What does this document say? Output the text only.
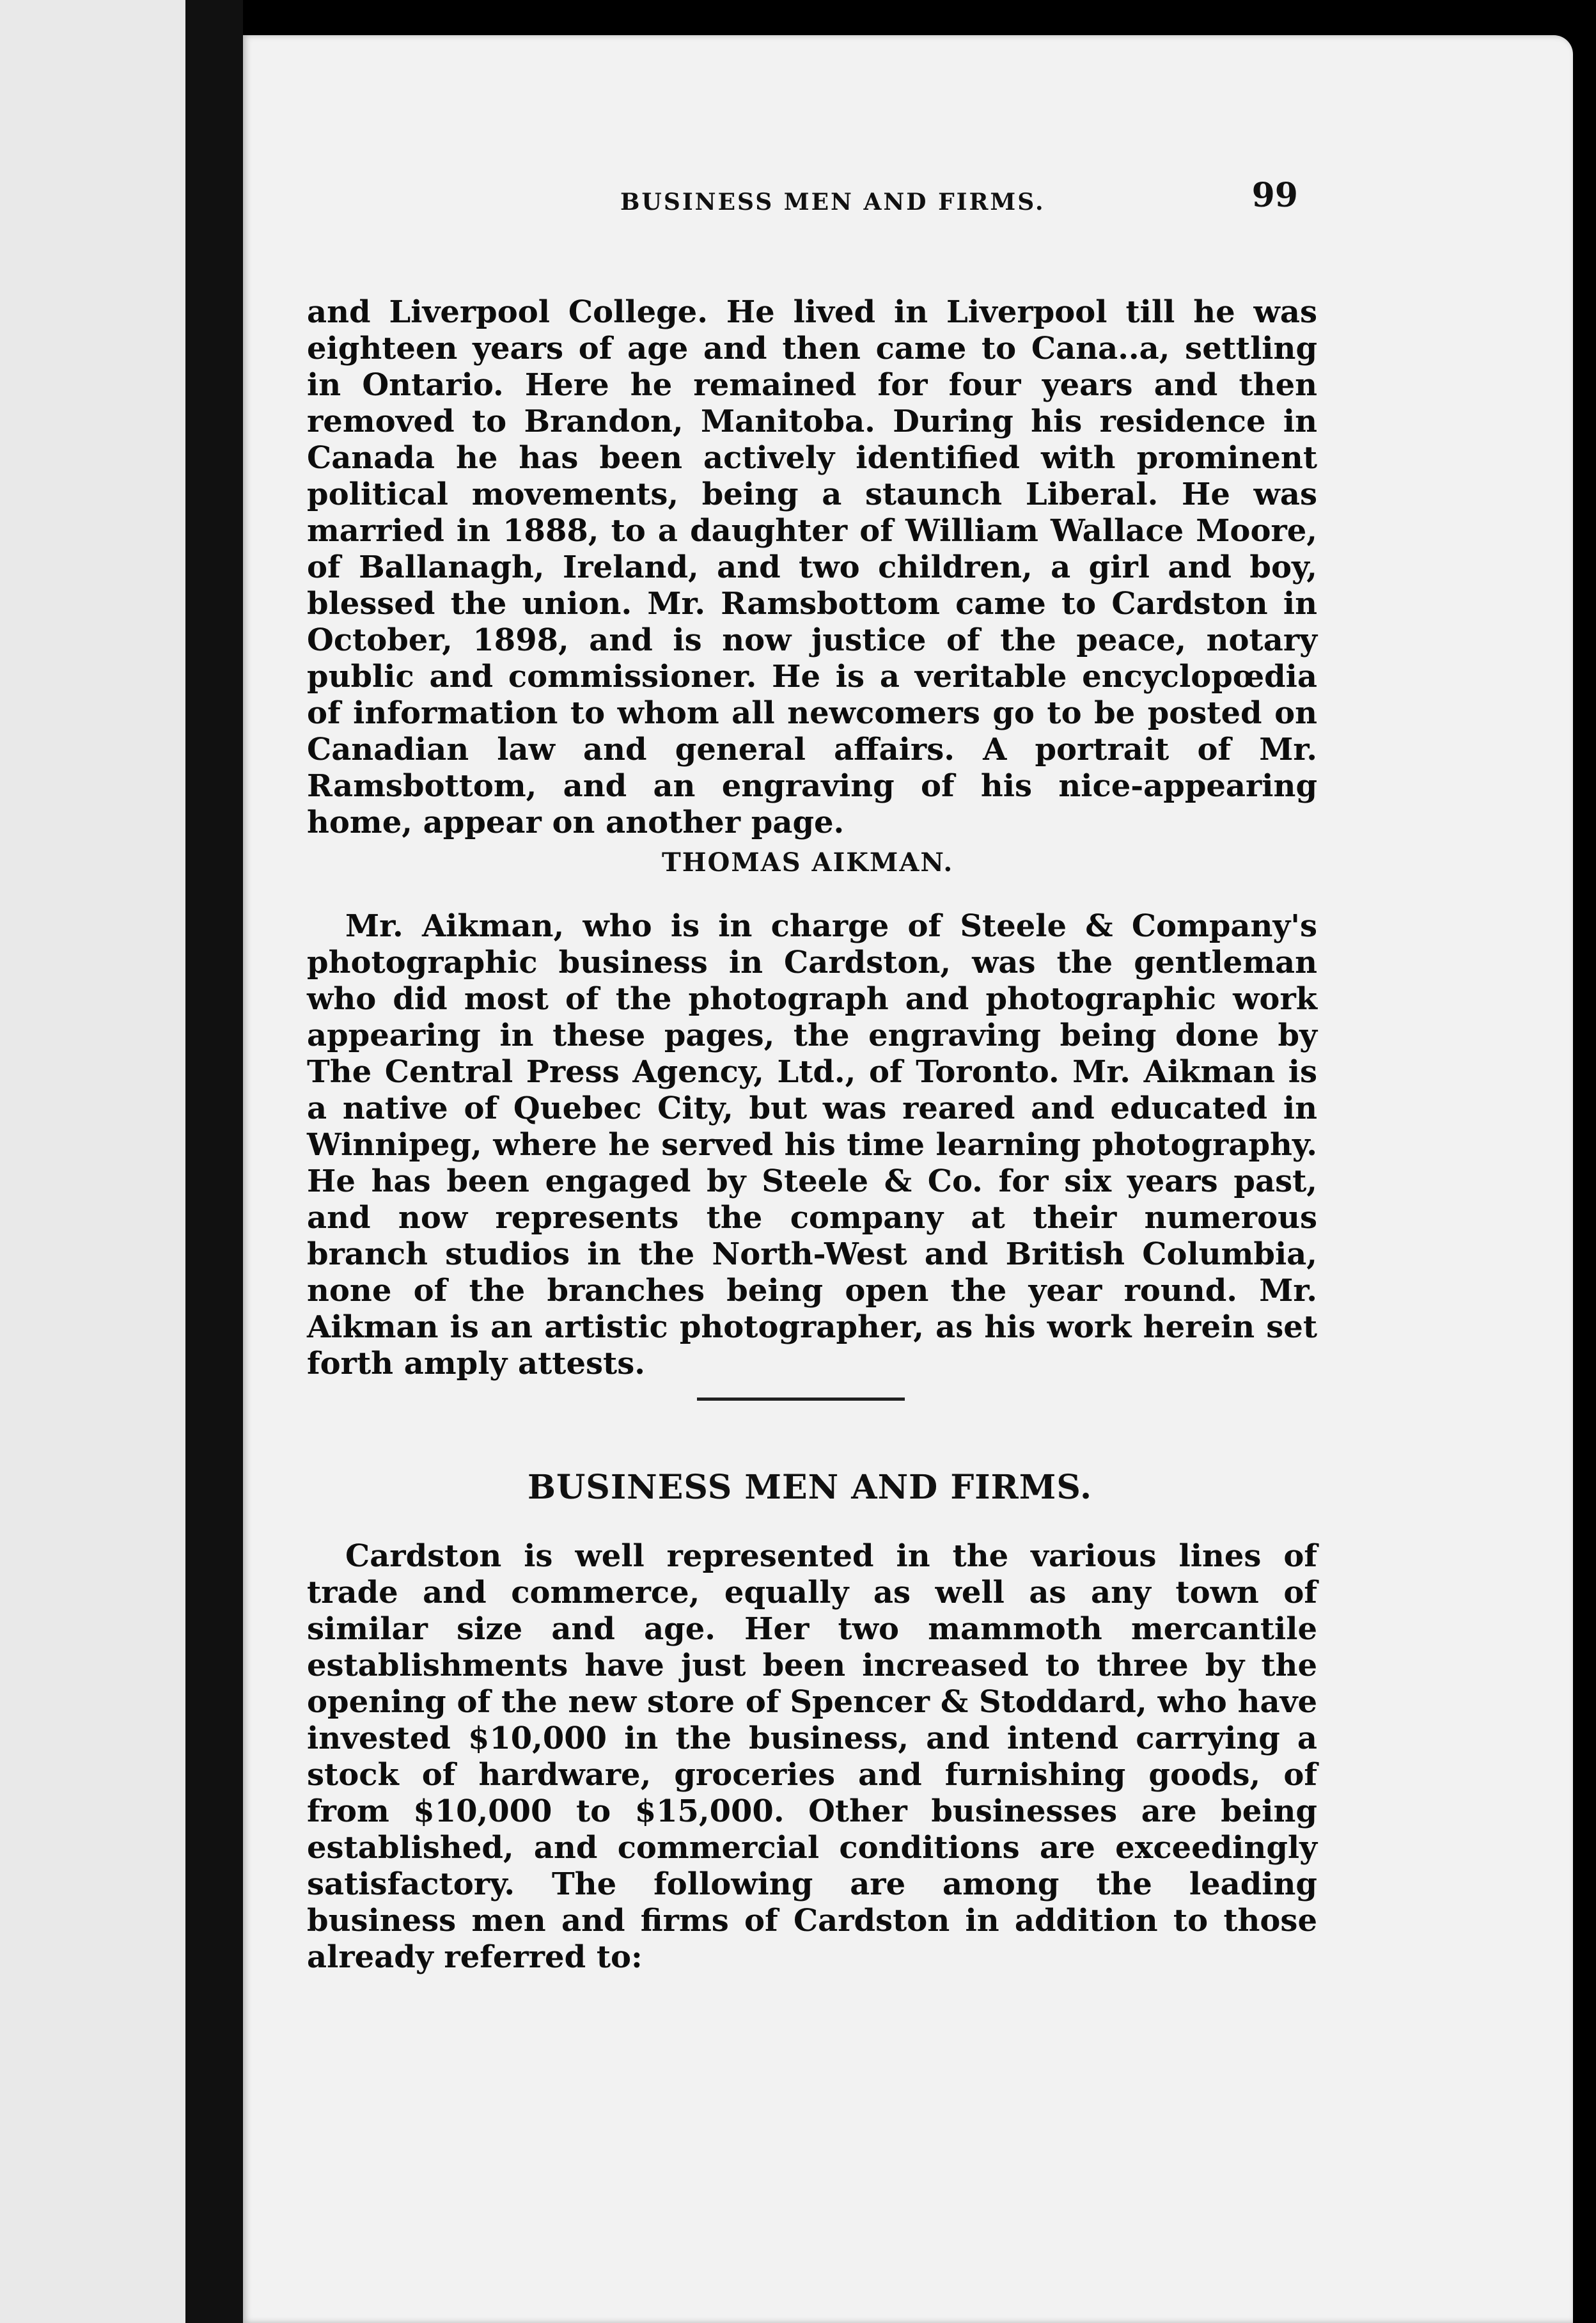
BUSINESS MEN AND FIRMS.	99

and Liverpool College. He lived in Liverpool till he was eighteen years of age and then came to Cana..a, settling in Ontario. Here he remained for four years and then removed to Brandon, Manitoba. During his residence in Canada he has been actively identified with prominent political movements, being a staunch Liberal. He was married in 1888, to a daughter of William Wallace Moore, of Ballanagh, Ireland, and two children, a girl and boy, blessed the union. Mr. Ramsbottom came to Cardston in October, 1898, and is now justice of the peace, notary public and commissioner. He is a veritable encyclopœdia of information to whom all newcomers go to be posted on Canadian law and general affairs. A portrait of Mr. Ramsbottom, and an engraving of his nice-appearing home, appear on another page.

THOMAS AIKMAN.

Mr. Aikman, who is in charge of Steele & Company's photographic business in Cardston, was the gentleman who did most of the photograph and photographic work appearing in these pages, the engraving being done by The Central Press Agency, Ltd., of Toronto. Mr. Aikman is a native of Quebec City, but was reared and educated in Winnipeg, where he served his time learning photography. He has been engaged by Steele & Co. for six years past, and now represents the company at their numerous branch studios in the North-West and British Columbia, none of the branches being open the year round. Mr. Aikman is an artistic photographer, as his work herein set forth amply attests.

BUSINESS MEN AND FIRMS.

Cardston is well represented in the various lines of trade and commerce, equally as well as any town of similar size and age. Her two mammoth mercantile establishments have just been increased to three by the opening of the new store of Spencer & Stoddard, who have invested $10,000 in the business, and intend carrying a stock of hardware, groceries and furnishing goods, of from $10,000 to $15,000. Other businesses are being established, and commercial conditions are exceedingly satisfactory. The following are among the leading business men and firms of Cardston in addition to those already referred to:
